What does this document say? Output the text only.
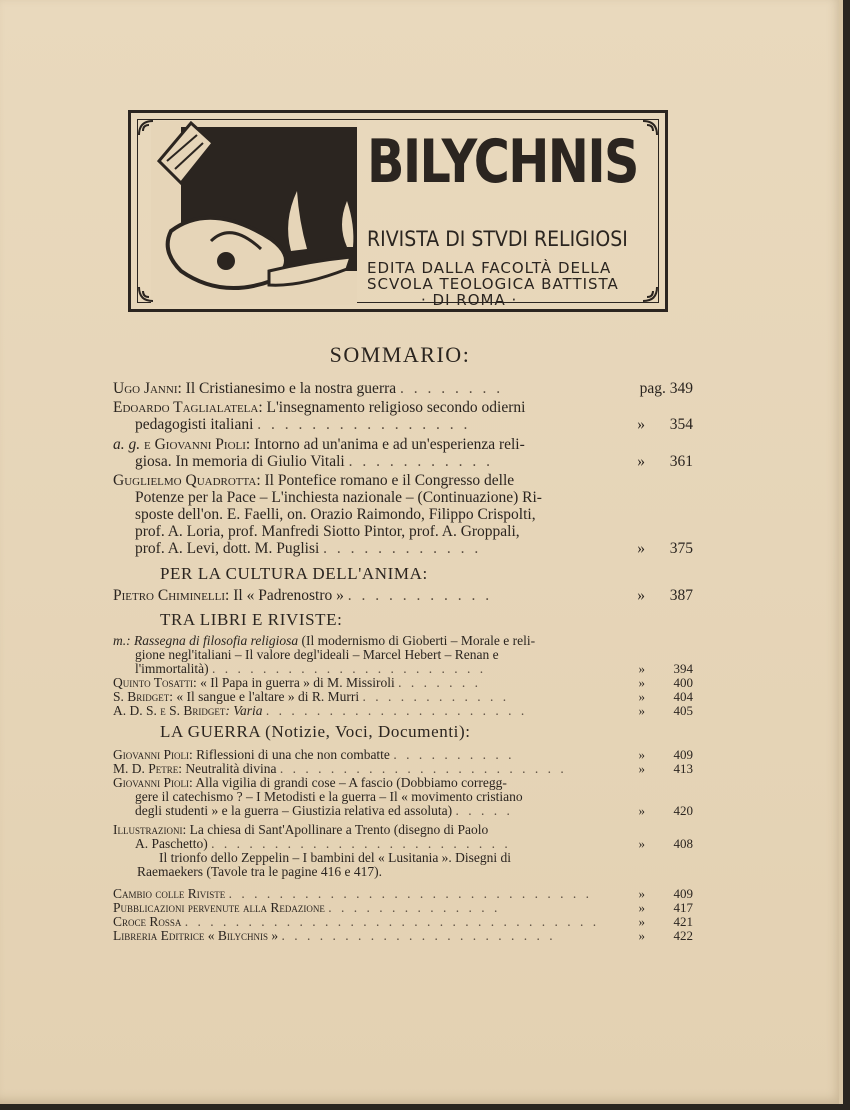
BILYCHNIS
RIVISTA DI STVDI RELIGIOSI
EDITA DALLA FACOLTÀ DELLA
SCVOLA TEOLOGICA BATTISTA
· DI ROMA ·
SOMMARIO:
Ugo Janni: Il Cristianesimo e la nostra guerra . . . . . . . .	pag. 349
Edoardo Taglialatela: L'insegnamento religioso secondo odierni
pedagogisti italiani . . . . . . . . . . . . . . . .	» 354
a. g. e Giovanni Pioli: Intorno ad un'anima e ad un'esperienza reli-
giosa. In memoria di Giulio Vitali . . . . . . . . . . .	» 361
Guglielmo Quadrotta: Il Pontefice romano e il Congresso delle
Potenze per la Pace – L'inchiesta nazionale – (Continuazione) Ri-
sposte dell'on. E. Faelli, on. Orazio Raimondo, Filippo Crispolti,
prof. A. Loria, prof. Manfredi Siotto Pintor, prof. A. Groppali,
prof. A. Levi, dott. M. Puglisi . . . . . . . . . . . .	» 375
PER LA CULTURA DELL'ANIMA:
Pietro Chiminelli: Il « Padrenostro » . . . . . . . . . . .	» 387
TRA LIBRI E RIVISTE:
m.: Rassegna di filosofia religiosa (Il modernismo di Gioberti – Morale e reli-
gione negl'italiani – Il valore degl'ideali – Marcel Hebert – Renan e
l'immortalità) . . . . . . . . . . . . . . . . . . . . . .	» 394
Quinto Tosatti: « Il Papa in guerra » di M. Missiroli . . . . . . .	» 400
S. Bridget: « Il sangue e l'altare » di R. Murri . . . . . . . . . . . .	» 404
A. D. S. e S. Bridget: Varia . . . . . . . . . . . . . . . . . . . . .	» 405
LA GUERRA (Notizie, Voci, Documenti):
Giovanni Pioli: Riflessioni di una che non combatte . . . . . . . . . .	» 409
M. D. Petre: Neutralità divina . . . . . . . . . . . . . . . . . . . . . . .	» 413
Giovanni Pioli: Alla vigilia di grandi cose – A fascio (Dobbiamo corregg-
gere il catechismo ? – I Metodisti e la guerra – Il « movimento cristiano
degli studenti » e la guerra – Giustizia relativa ed assoluta) . . . . .	» 420
Illustrazioni: La chiesa di Sant'Apollinare a Trento (disegno di Paolo
A. Paschetto) . . . . . . . . . . . . . . . . . . . . . . . .	» 408
Il trionfo dello Zeppelin – I bambini del « Lusitania ». Disegni di
Raemaekers (Tavole tra le pagine 416 e 417).
Cambio colle Riviste . . . . . . . . . . . . . . . . . . . . . . . . . . . . .	» 409
Pubblicazioni pervenute alla Redazione . . . . . . . . . . . . . .	» 417
Croce Rossa . . . . . . . . . . . . . . . . . . . . . . . . . . . . . . . . .	» 421
Libreria Editrice « Bilychnis » . . . . . . . . . . . . . . . . . . . . . .	» 422
